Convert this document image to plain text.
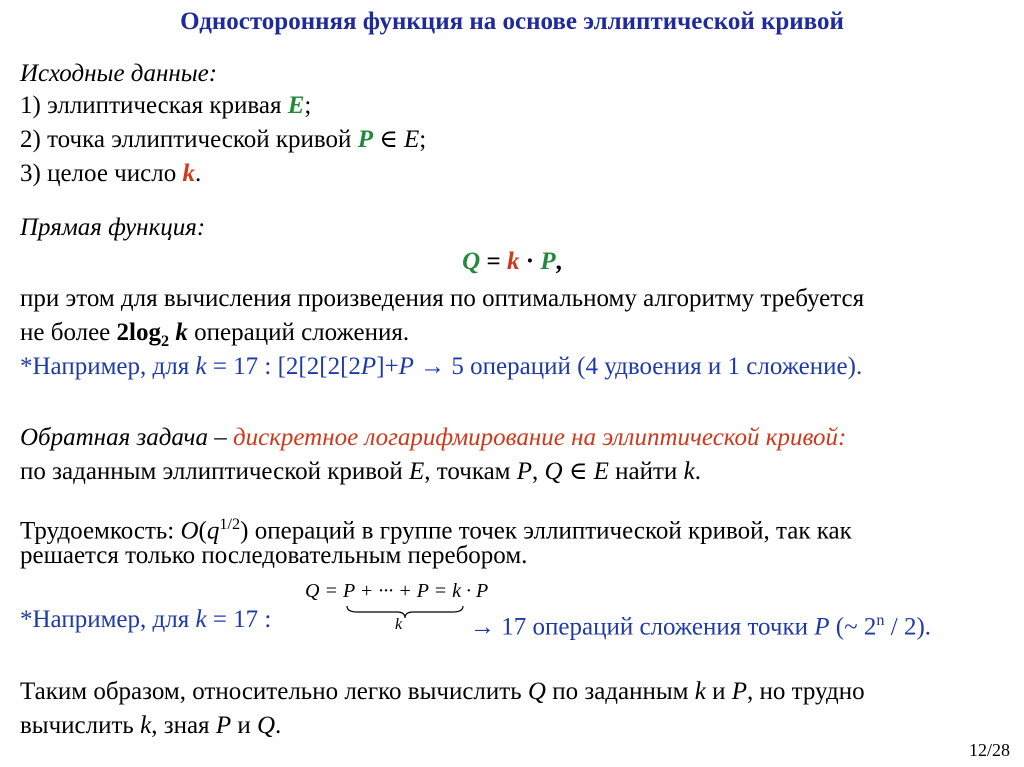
Односторонняя функция на основе эллиптической кривой
Исходные данные:
1) эллиптическая кривая E;
2) точка эллиптической кривой P ∈ E;
3) целое число k.
Прямая функция:
Q = k · P,
при этом для вычисления произведения по оптимальному алгоритму требуется
не более $2\log_2$ k операций сложения.
*Например, для k = 17 : [2[2[2[2P]+P → 5 операций (4 удвоения и 1 сложение).
Обратная задача – дискретное логарифмирование на эллиптической кривой:
по заданным эллиптической кривой E, точкам P, Q ∈ E найти k.
Трудоемкость: $O(q^{1/2})$ операций в группе точек эллиптической кривой, так как
решается только последовательным перебором.
Q = P + ··· + P = k · P
k
*Например, для k = 17 :	→ 17 операций сложения точки P (~ 2$^n$ / 2).
Таким образом, относительно легко вычислить Q по заданным k и P, но трудно
вычислить k, зная P и Q.
12/28
